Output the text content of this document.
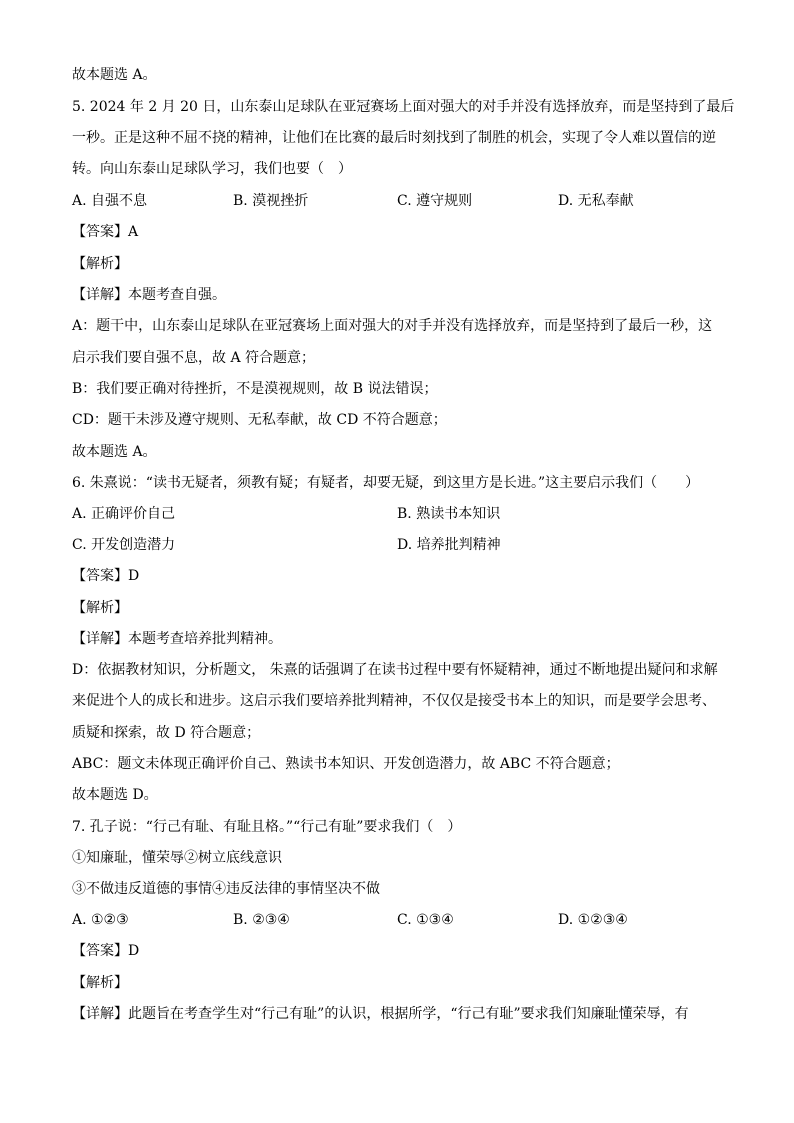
故本题选 A。
5. 2024 年 2 月 20 日，山东泰山足球队在亚冠赛场上面对强大的对手并没有选择放弃，而是坚持到了最后
一秒。正是这种不屈不挠的精神，让他们在比赛的最后时刻找到了制胜的机会，实现了令人难以置信的逆
转。向山东泰山足球队学习，我们也要（　）
A. 自强不息	B. 漠视挫折	C. 遵守规则	D. 无私奉献
【答案】A
【解析】
【详解】本题考查自强。
A：题干中，山东泰山足球队在亚冠赛场上面对强大的对手并没有选择放弃，而是坚持到了最后一秒，这
启示我们要自强不息，故 A 符合题意；
B：我们要正确对待挫折，不是漠视规则，故 B 说法错误；
CD：题干未涉及遵守规则、无私奉献，故 CD 不符合题意；
故本题选 A。
6. 朱熹说：“读书无疑者，须教有疑；有疑者，却要无疑，到这里方是长进。”这主要启示我们（　　）
A. 正确评价自己	B. 熟读书本知识
C. 开发创造潜力	D. 培养批判精神
【答案】D
【解析】
【详解】本题考查培养批判精神。
D：依据教材知识，分析题文， 朱熹的话强调了在读书过程中要有怀疑精神，通过不断地提出疑问和求解
来促进个人的成长和进步。这启示我们要培养批判精神，不仅仅是接受书本上的知识，而是要学会思考、
质疑和探索，故 D 符合题意；
ABC：题文未体现正确评价自己、熟读书本知识、开发创造潜力，故 ABC 不符合题意；
故本题选 D。
7. 孔子说：“行己有耻、有耻且格。”“行己有耻”要求我们（　）
①知廉耻，懂荣辱②树立底线意识
③不做违反道德的事情④违反法律的事情坚决不做
A. ①②③	B. ②③④	C. ①③④	D. ①②③④
【答案】D
【解析】
【详解】此题旨在考查学生对“行己有耻”的认识，根据所学，“行己有耻”要求我们知廉耻懂荣辱，有
